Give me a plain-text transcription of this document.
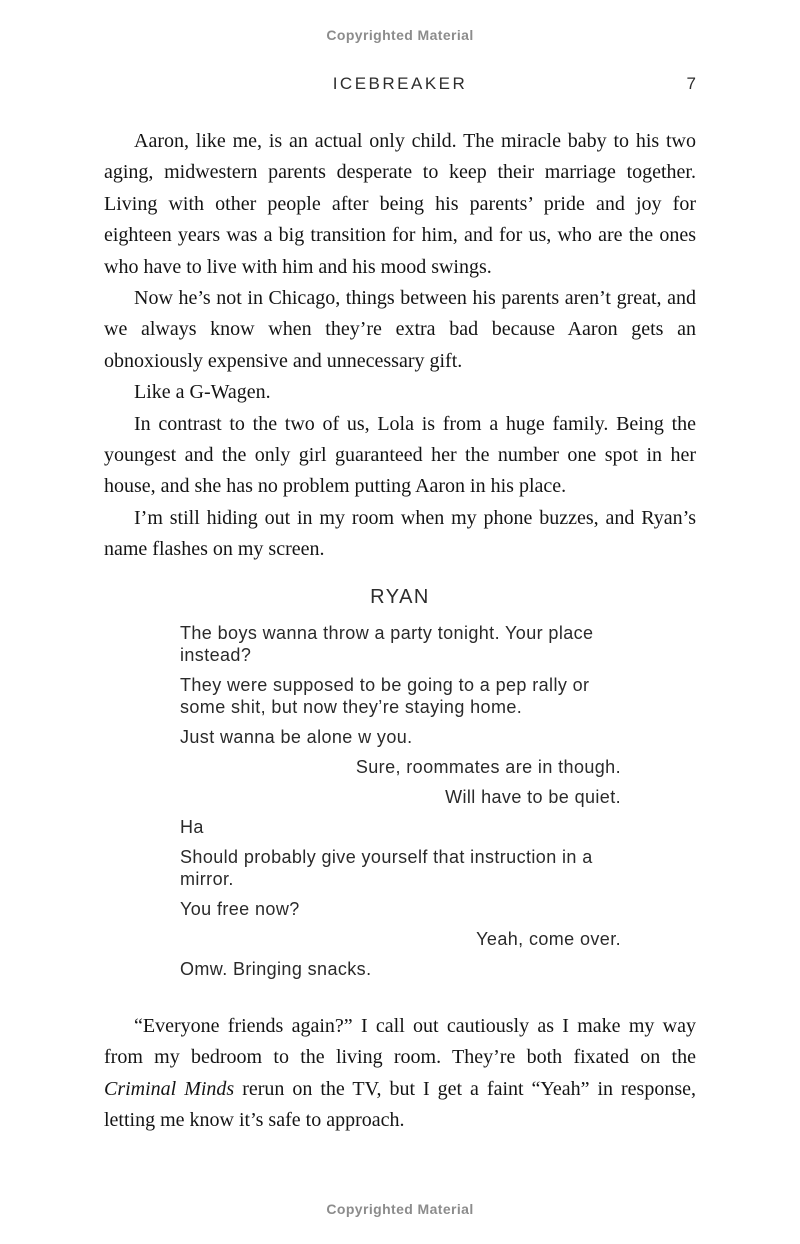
Copyrighted Material
ICEBREAKER	7

Aaron, like me, is an actual only child. The miracle baby to his two aging, midwestern parents desperate to keep their marriage together. Living with other people after being his parents’ pride and joy for eighteen years was a big transition for him, and for us, who are the ones who have to live with him and his mood swings.

Now he’s not in Chicago, things between his parents aren’t great, and we always know when they’re extra bad because Aaron gets an obnoxiously expensive and unnecessary gift.

Like a G-Wagen.

In contrast to the two of us, Lola is from a huge family. Being the youngest and the only girl guaranteed her the number one spot in her house, and she has no problem putting Aaron in his place.

I’m still hiding out in my room when my phone buzzes, and Ryan’s name flashes on my screen.

RYAN
The boys wanna throw a party tonight. Your place instead?
They were supposed to be going to a pep rally or some shit, but now they’re staying home.
Just wanna be alone w you.
Sure, roommates are in though.
Will have to be quiet.
Ha
Should probably give yourself that instruction in a mirror.
You free now?
Yeah, come over.
Omw. Bringing snacks.

“Everyone friends again?” I call out cautiously as I make my way from my bedroom to the living room. They’re both fixated on the Criminal Minds rerun on the TV, but I get a faint “Yeah” in response, letting me know it’s safe to approach.

Copyrighted Material
